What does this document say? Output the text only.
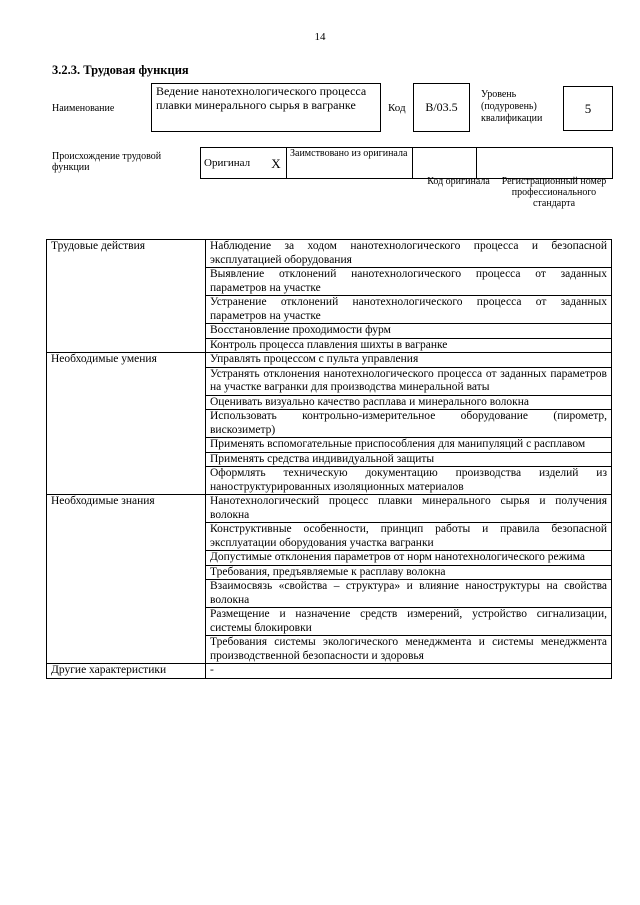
14
3.2.3. Трудовая функция
Наименование
Ведение нанотехнологического процесса плавки минерального сырья в вагранке	Код	В/03.5
Уровень (подуровень) квалификации
5
Происхождение трудовой функции	Оригинал	X	Заимствовано из оригинала		
Код оригинала	Регистрационный номер профессионального стандарта
Трудовые действия	Наблюдение за ходом нанотехнологического процесса и безопасной эксплуатацией оборудования
	Выявление отклонений нанотехнологического процесса от заданных параметров на участке
	Устранение отклонений нанотехнологического процесса от заданных параметров на участке
	Восстановление проходимости фурм
	Контроль процесса плавления шихты в вагранке
Необходимые умения	Управлять процессом с пульта управления
	Устранять отклонения нанотехнологического процесса от заданных параметров на участке вагранки для производства минеральной ваты
	Оценивать визуально качество расплава и минерального волокна
	Использовать контрольно-измерительное оборудование (пирометр, вискозиметр)
	Применять вспомогательные приспособления для манипуляций с расплавом
	Применять средства индивидуальной защиты
	Оформлять техническую документацию производства изделий из наноструктурированных изоляционных материалов
Необходимые знания	Нанотехнологический процесс плавки минерального сырья и получения волокна
	Конструктивные особенности, принцип работы и правила безопасной эксплуатации оборудования участка вагранки
	Допустимые отклонения параметров от норм нанотехнологического режима
	Требования, предъявляемые к расплаву волокна
	Взаимосвязь «свойства – структура» и влияние наноструктуры на свойства волокна
	Размещение и назначение средств измерений, устройство сигнализации, системы блокировки
	Требования системы экологического менеджмента и системы менеджмента производственной безопасности и здоровья
Другие характеристики	-
